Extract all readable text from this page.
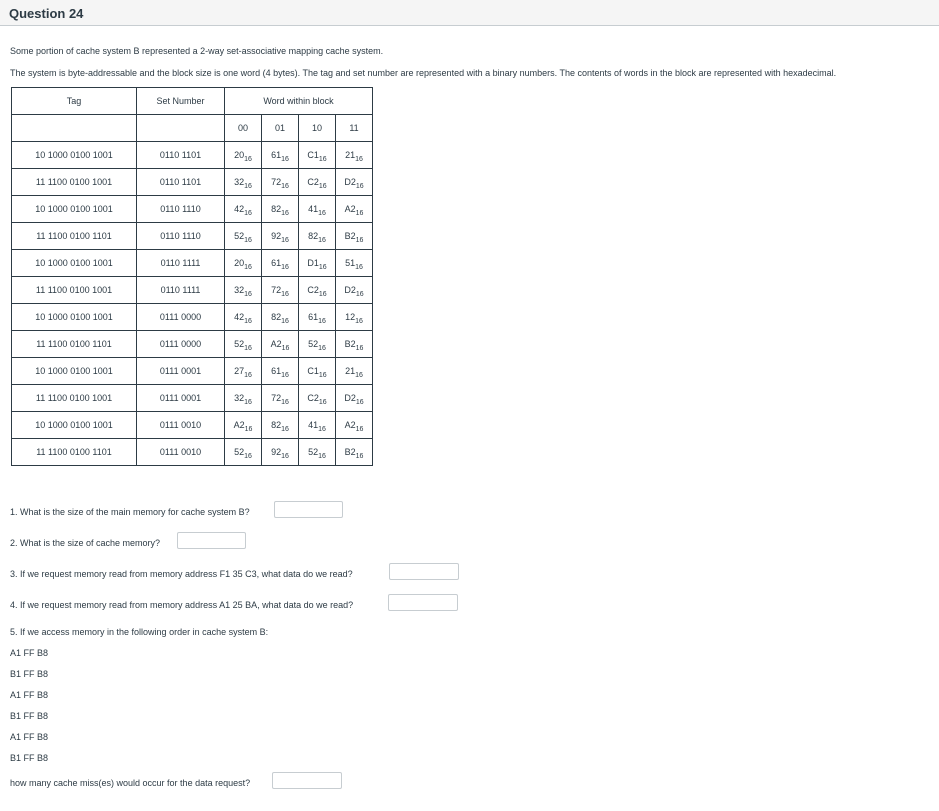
Question 24
Some portion of cache system B represented a 2-way set-associative mapping cache system.
The system is byte-addressable and the block size is one word (4 bytes). The tag and set number are represented with a binary numbers. The contents of words in the block are represented with hexadecimal.
Tag	Set Number	Word within block			
		00	01	10	11
10 1000 0100 1001	0110 1101	$20_{16}$	$61_{16}$	$C1_{16}$	$21_{16}$
11 1100 0100 1001	0110 1101	$32_{16}$	$72_{16}$	$C2_{16}$	$D2_{16}$
10 1000 0100 1001	0110 1110	$42_{16}$	$82_{16}$	$41_{16}$	$A2_{16}$
11 1100 0100 1101	0110 1110	$52_{16}$	$92_{16}$	$82_{16}$	$B2_{16}$
10 1000 0100 1001	0110 1111	$20_{16}$	$61_{16}$	$D1_{16}$	$51_{16}$
11 1100 0100 1001	0110 1111	$32_{16}$	$72_{16}$	$C2_{16}$	$D2_{16}$
10 1000 0100 1001	0111 0000	$42_{16}$	$82_{16}$	$61_{16}$	$12_{16}$
11 1100 0100 1101	0111 0000	$52_{16}$	$A2_{16}$	$52_{16}$	$B2_{16}$
10 1000 0100 1001	0111 0001	$27_{16}$	$61_{16}$	$C1_{16}$	$21_{16}$
11 1100 0100 1001	0111 0001	$32_{16}$	$72_{16}$	$C2_{16}$	$D2_{16}$
10 1000 0100 1001	0111 0010	$A2_{16}$	$82_{16}$	$41_{16}$	$A2_{16}$
11 1100 0100 1101	0111 0010	$52_{16}$	$92_{16}$	$52_{16}$	$B2_{16}$
1. What is the size of the main memory for cache system B?
2. What is the size of cache memory?
3. If we request memory read from memory address F1 35 C3, what data do we read?
4. If we request memory read from memory address A1 25 BA, what data do we read?
5. If we access memory in the following order in cache system B:
A1 FF B8
B1 FF B8
A1 FF B8
B1 FF B8
A1 FF B8
B1 FF B8
how many cache miss(es) would occur for the data request?
